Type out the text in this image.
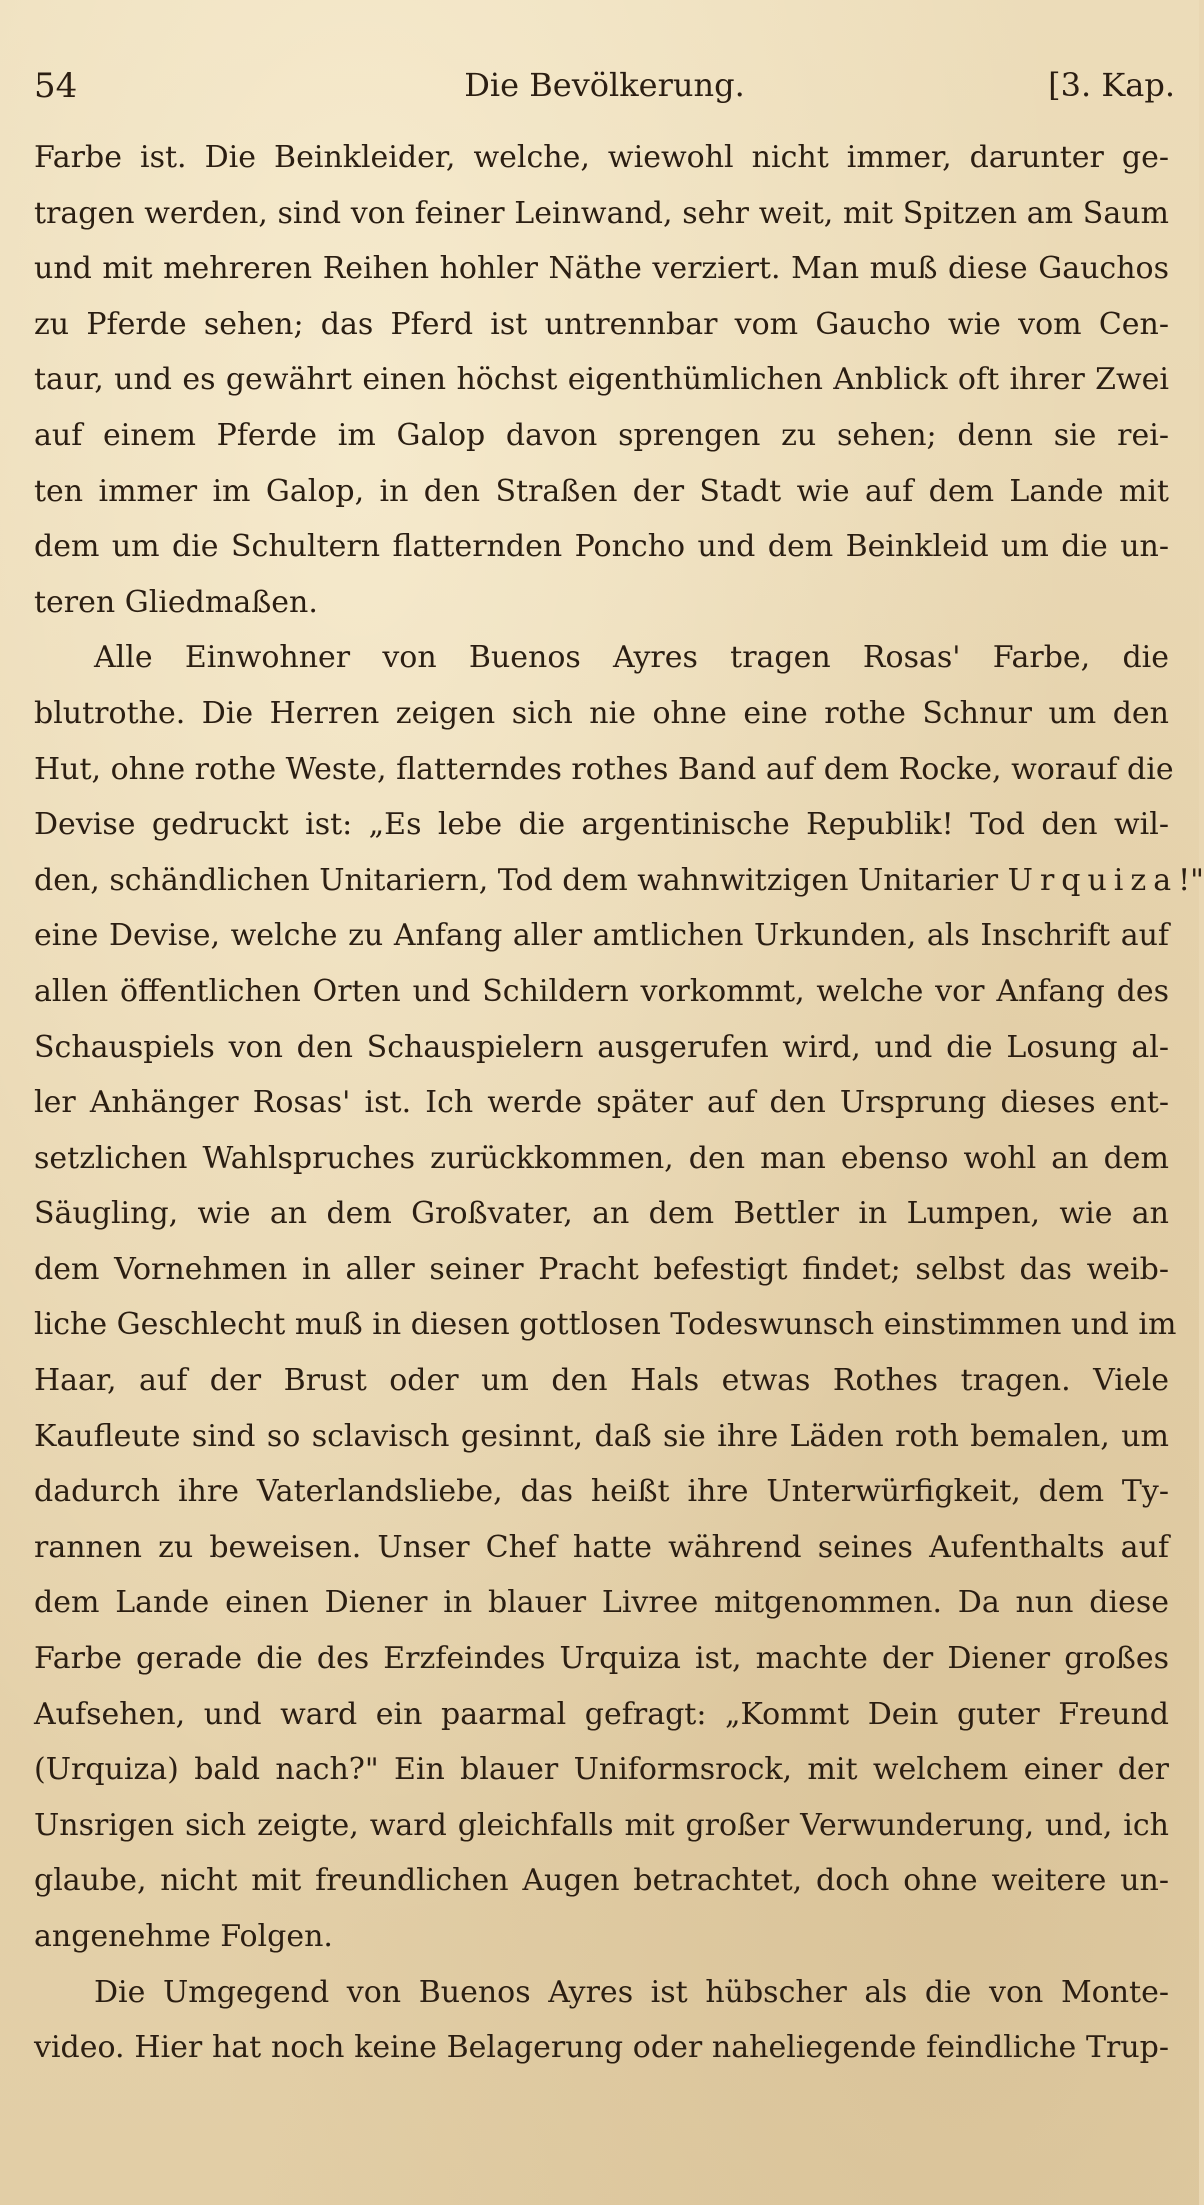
54	Die Bevölkerung.	[3. Kap.
Farbe ist. Die Beinkleider, welche, wiewohl nicht immer, darunter ge-
tragen werden, sind von feiner Leinwand, sehr weit, mit Spitzen am Saum
und mit mehreren Reihen hohler Näthe verziert. Man muß diese Gauchos
zu Pferde sehen; das Pferd ist untrennbar vom Gaucho wie vom Cen-
taur, und es gewährt einen höchst eigenthümlichen Anblick oft ihrer Zwei
auf einem Pferde im Galop davon sprengen zu sehen; denn sie rei-
ten immer im Galop, in den Straßen der Stadt wie auf dem Lande mit
dem um die Schultern flatternden Poncho und dem Beinkleid um die un-
teren Gliedmaßen.
Alle Einwohner von Buenos Ayres tragen Rosas' Farbe, die
blutrothe. Die Herren zeigen sich nie ohne eine rothe Schnur um den
Hut, ohne rothe Weste, flatterndes rothes Band auf dem Rocke, worauf die
Devise gedruckt ist: „Es lebe die argentinische Republik! Tod den wil-
den, schändlichen Unitariern, Tod dem wahnwitzigen Unitarier Urquiza!"
eine Devise, welche zu Anfang aller amtlichen Urkunden, als Inschrift auf
allen öffentlichen Orten und Schildern vorkommt, welche vor Anfang des
Schauspiels von den Schauspielern ausgerufen wird, und die Losung al-
ler Anhänger Rosas' ist. Ich werde später auf den Ursprung dieses ent-
setzlichen Wahlspruches zurückkommen, den man ebenso wohl an dem
Säugling, wie an dem Großvater, an dem Bettler in Lumpen, wie an
dem Vornehmen in aller seiner Pracht befestigt findet; selbst das weib-
liche Geschlecht muß in diesen gottlosen Todeswunsch einstimmen und im
Haar, auf der Brust oder um den Hals etwas Rothes tragen. Viele
Kaufleute sind so sclavisch gesinnt, daß sie ihre Läden roth bemalen, um
dadurch ihre Vaterlandsliebe, das heißt ihre Unterwürfigkeit, dem Ty-
rannen zu beweisen. Unser Chef hatte während seines Aufenthalts auf
dem Lande einen Diener in blauer Livree mitgenommen. Da nun diese
Farbe gerade die des Erzfeindes Urquiza ist, machte der Diener großes
Aufsehen, und ward ein paarmal gefragt: „Kommt Dein guter Freund
(Urquiza) bald nach?" Ein blauer Uniformsrock, mit welchem einer der
Unsrigen sich zeigte, ward gleichfalls mit großer Verwunderung, und, ich
glaube, nicht mit freundlichen Augen betrachtet, doch ohne weitere un-
angenehme Folgen.
Die Umgegend von Buenos Ayres ist hübscher als die von Monte-
video. Hier hat noch keine Belagerung oder naheliegende feindliche Trup-
